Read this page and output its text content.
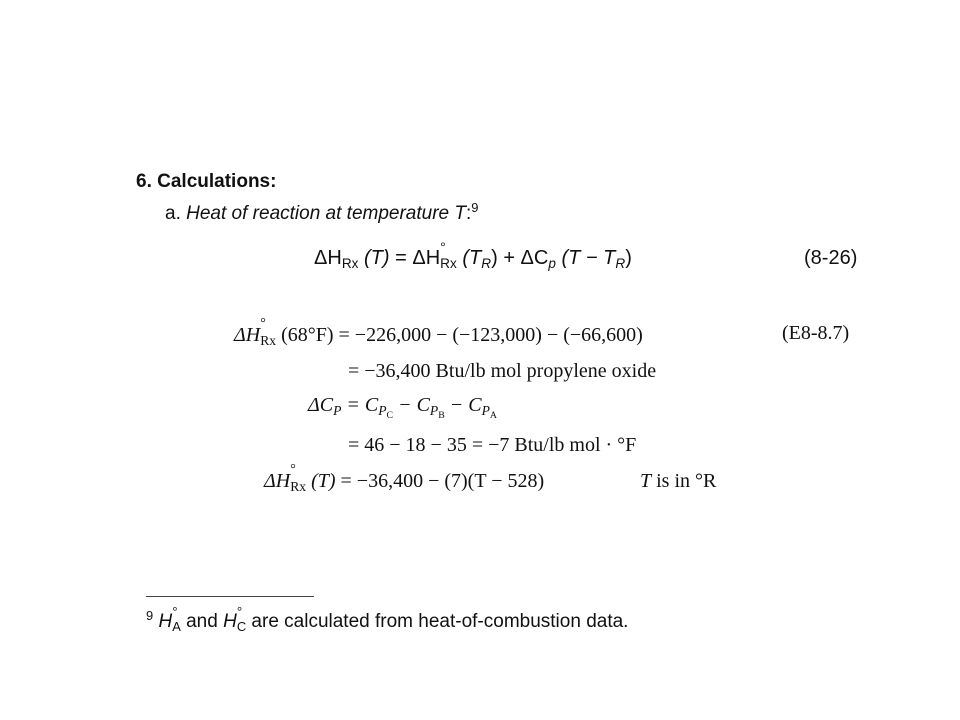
6. Calculations:
a. Heat of reaction at temperature T:$^9$
$\Delta H_{Rx}$ (T) = ΔH °
$_{Rx}$ $(T_R) + \Delta C_p$ $(T - T_R)$	(8-26)
ΔH
°
$_{Rx}$ (68°F) = −226,000 − (−123,000) − (−66,600)	(E8-8.7)
= −36,400 Btu/lb mol propylene oxide
$\Delta C_P = C_{P_C} - C_{P_B} - C_{P_A}$
= 46 − 18 − 35 = −7 Btu/lb mol · °F
ΔH
°
$_{Rx}$ (T) = −36,400 − (7)(T − 528)	T is in °R
$^9$ H °
$_A$ and H °
$_C$ are calculated from heat-of-combustion data.
